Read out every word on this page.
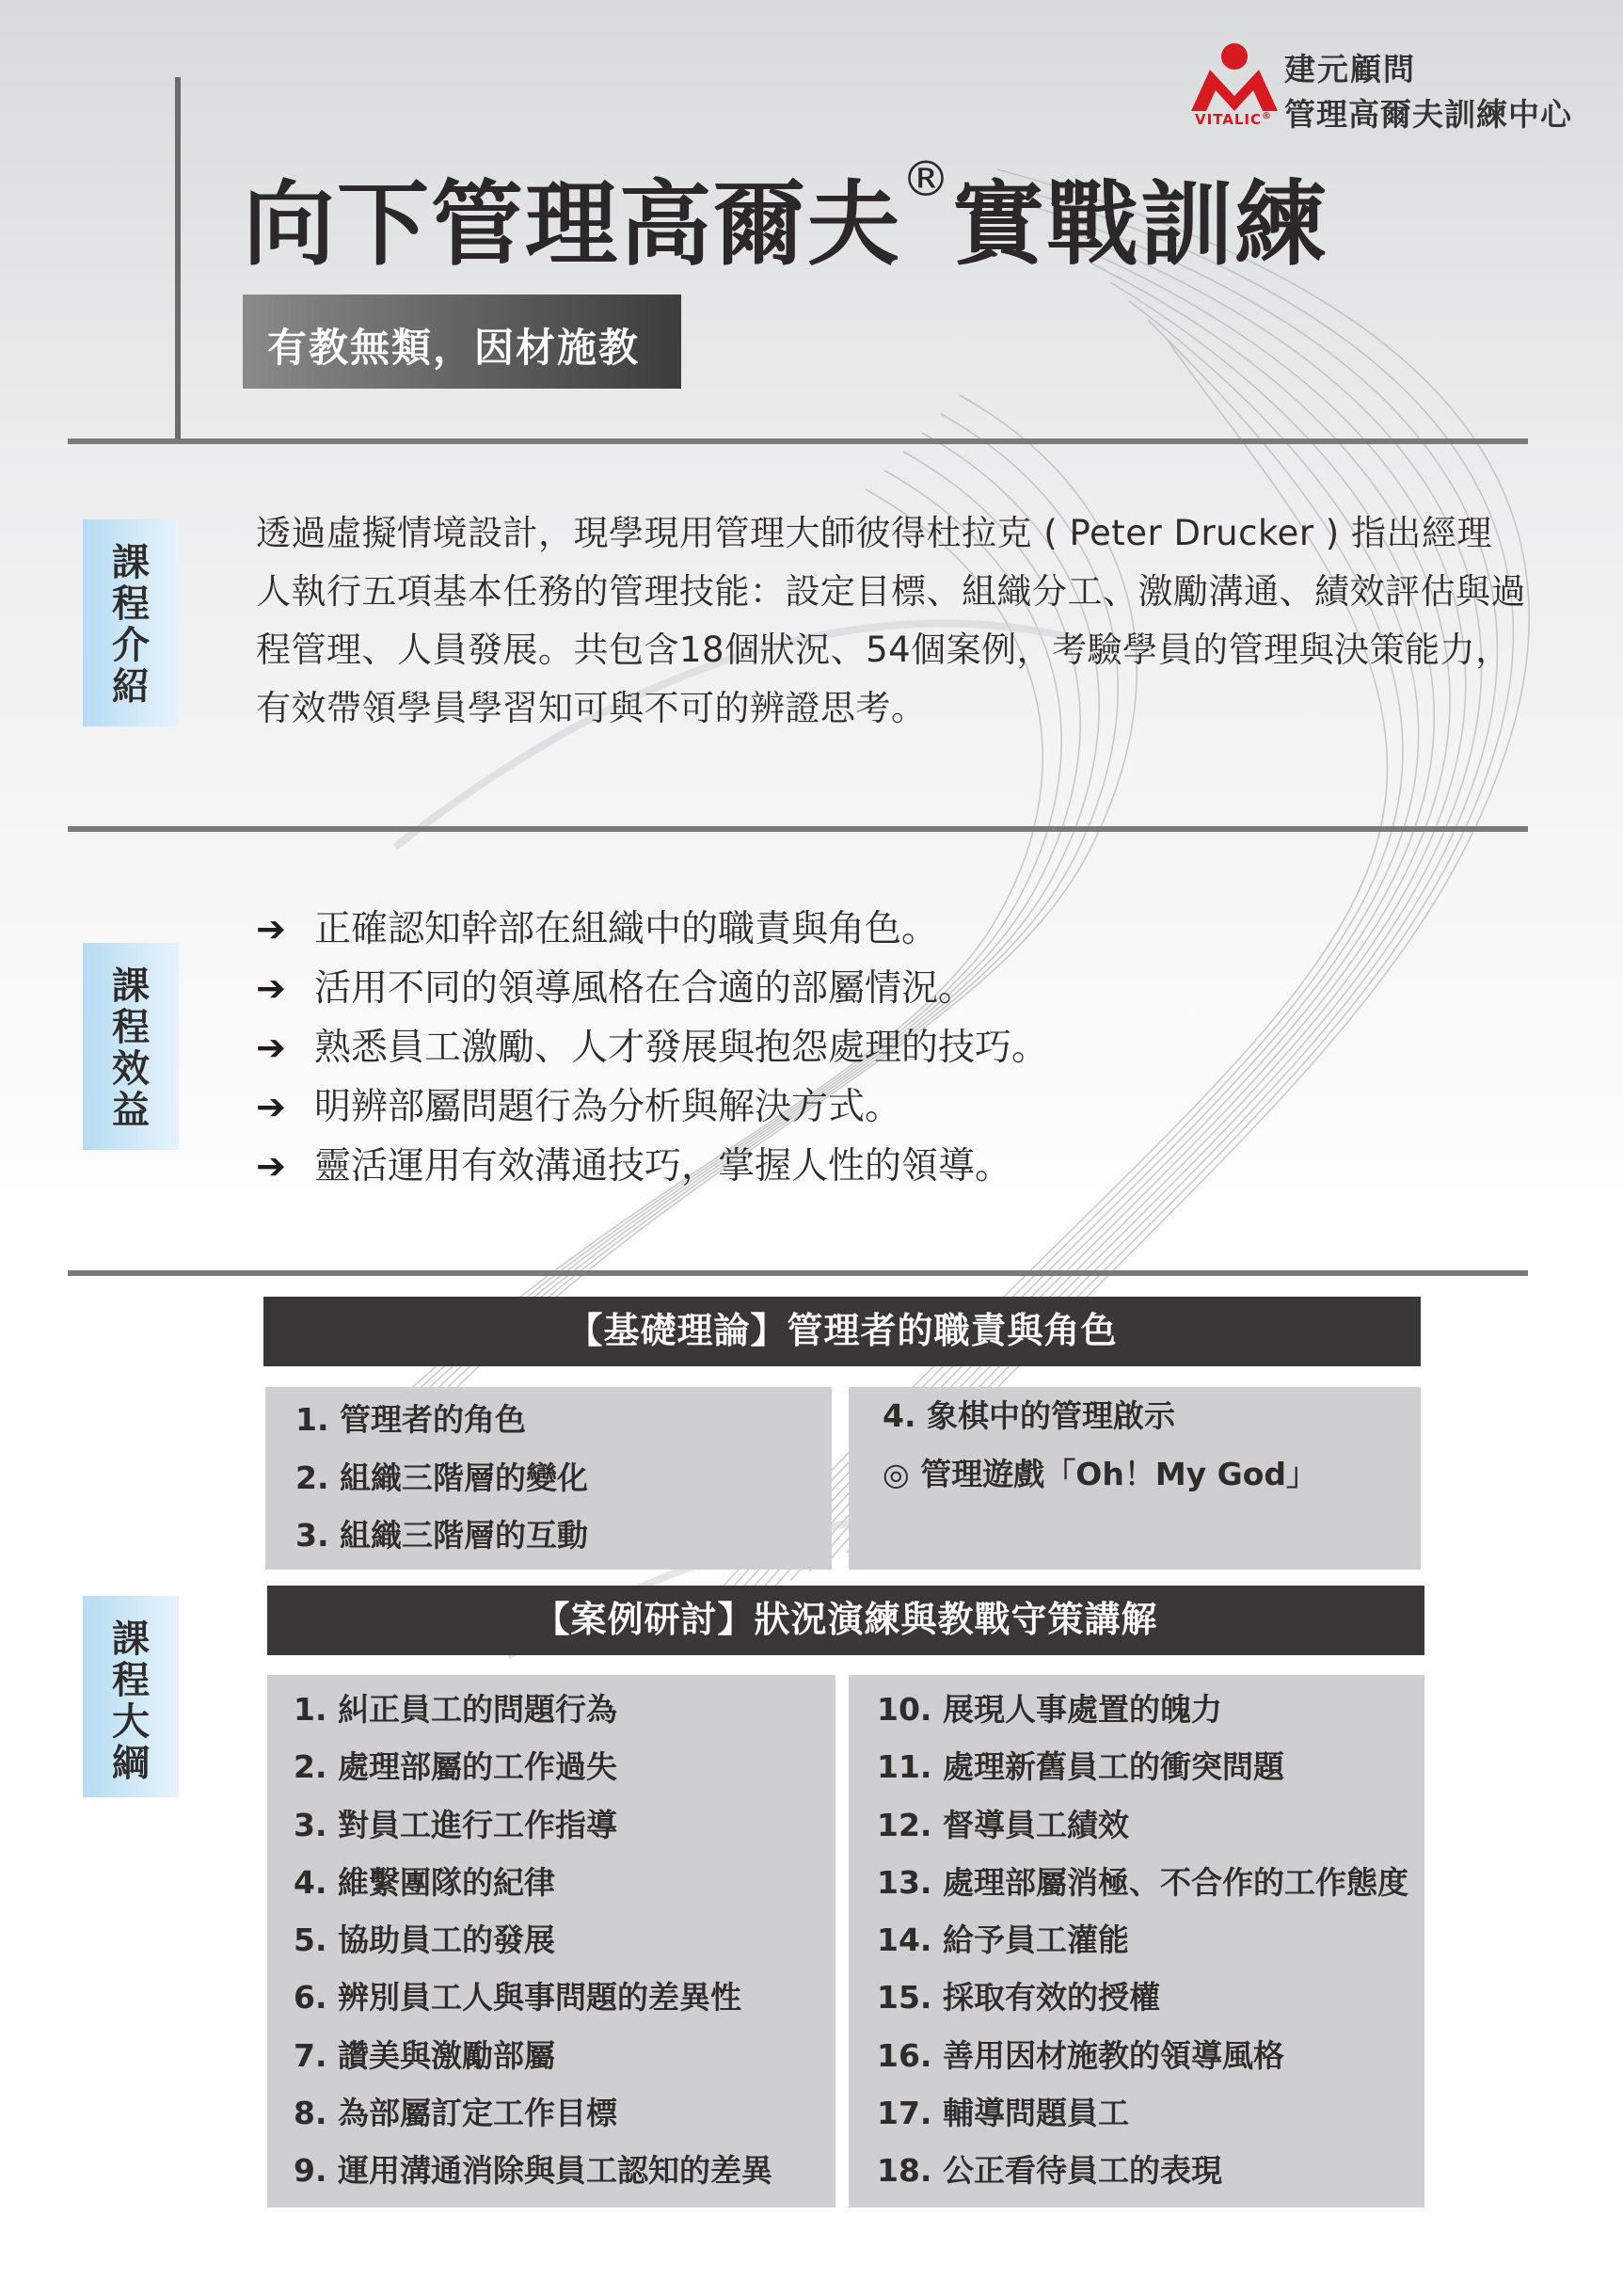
VITALIC®
建元顧問
管理高爾夫訓練中心
向下管理高爾夫®實戰訓練
有教無類，因材施教
課
程
介
紹
透過虛擬情境設計，現學現用管理大師彼得杜拉克 ( Peter Drucker ) 指出經理人執行五項基本任務的管理技能：設定目標、組織分工、激勵溝通、績效評估與過程管理、人員發展。共包含18個狀況、54個案例，考驗學員的管理與決策能力，有效帶領學員學習知可與不可的辨證思考。
課
程
效
益
➔ 正確認知幹部在組織中的職責與角色。
➔ 活用不同的領導風格在合適的部屬情況。
➔ 熟悉員工激勵、人才發展與抱怨處理的技巧。
➔ 明辨部屬問題行為分析與解決方式。
➔ 靈活運用有效溝通技巧，掌握人性的領導。
課
程
大
綱
【基礎理論】管理者的職責與角色
1. 管理者的角色
2. 組織三階層的變化
3. 組織三階層的互動
4. 象棋中的管理啟示
◎ 管理遊戲「Oh！My God」
【案例研討】狀況演練與教戰守策講解
1. 糾正員工的問題行為
2. 處理部屬的工作過失
3. 對員工進行工作指導
4. 維繫團隊的紀律
5. 協助員工的發展
6. 辨別員工人與事問題的差異性
7. 讚美與激勵部屬
8. 為部屬訂定工作目標
9. 運用溝通消除與員工認知的差異
10. 展現人事處置的魄力
11. 處理新舊員工的衝突問題
12. 督導員工績效
13. 處理部屬消極、不合作的工作態度
14. 給予員工灌能
15. 採取有效的授權
16. 善用因材施教的領導風格
17. 輔導問題員工
18. 公正看待員工的表現
